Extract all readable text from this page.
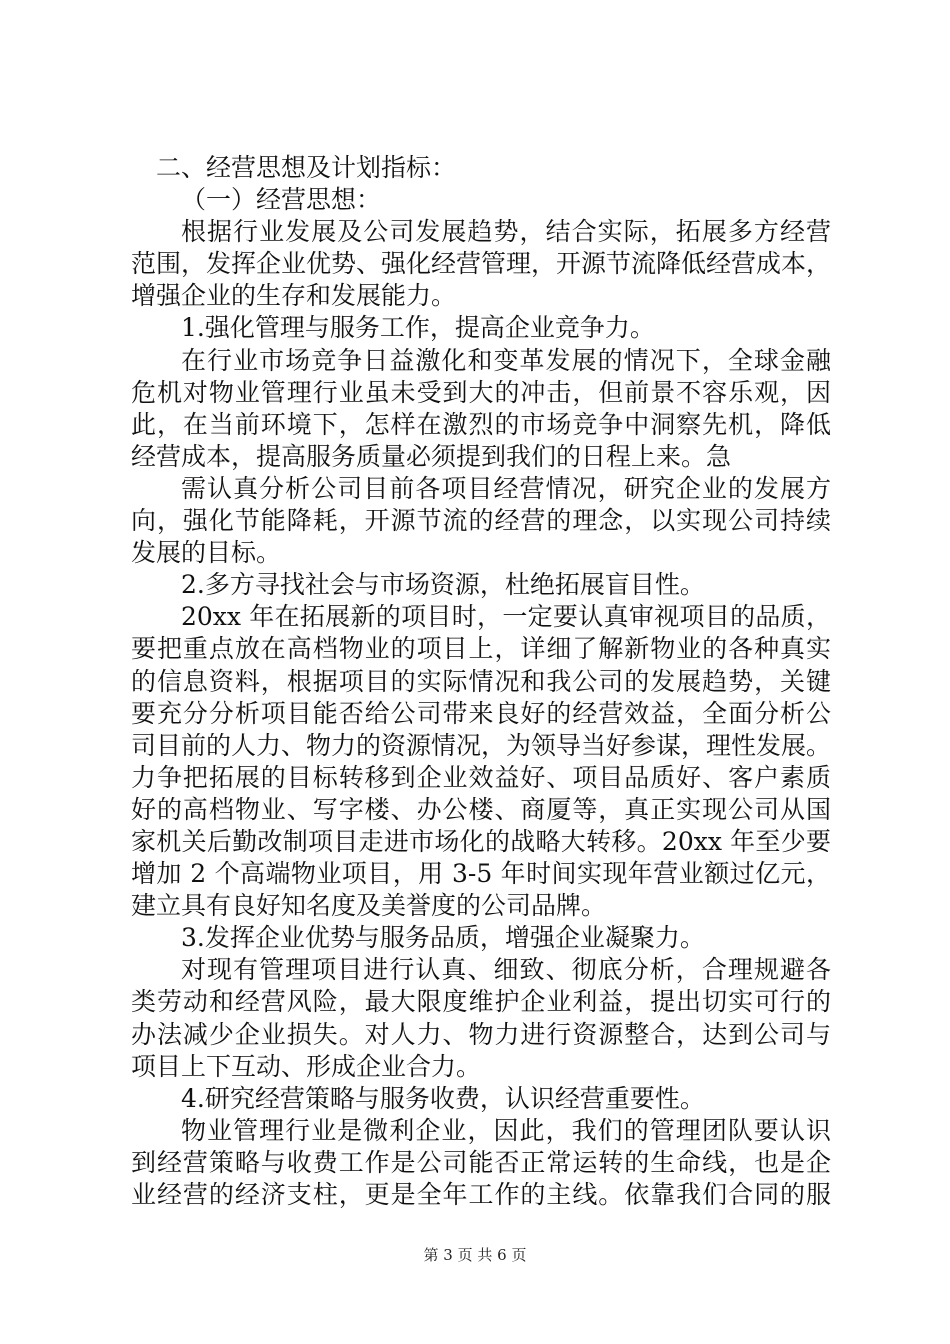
二、经营思想及计划指标：
（一）经营思想：
根据行业发展及公司发展趋势，结合实际，拓展多方经营
范围，发挥企业优势、强化经营管理，开源节流降低经营成本，
增强企业的生存和发展能力。
1.强化管理与服务工作，提高企业竞争力。
在行业市场竞争日益激化和变革发展的情况下，全球金融
危机对物业管理行业虽未受到大的冲击，但前景不容乐观，因
此，在当前环境下，怎样在激烈的市场竞争中洞察先机，降低
经营成本，提高服务质量必须提到我们的日程上来。急
需认真分析公司目前各项目经营情况，研究企业的发展方
向，强化节能降耗，开源节流的经营的理念，以实现公司持续
发展的目标。
2.多方寻找社会与市场资源，杜绝拓展盲目性。
20xx 年在拓展新的项目时，一定要认真审视项目的品质，
要把重点放在高档物业的项目上，详细了解新物业的各种真实
的信息资料，根据项目的实际情况和我公司的发展趋势，关键
要充分分析项目能否给公司带来良好的经营效益，全面分析公
司目前的人力、物力的资源情况，为领导当好参谋，理性发展。
力争把拓展的目标转移到企业效益好、项目品质好、客户素质
好的高档物业、写字楼、办公楼、商厦等，真正实现公司从国
家机关后勤改制项目走进市场化的战略大转移。20xx 年至少要
增加 2 个高端物业项目，用 3-5 年时间实现年营业额过亿元，
建立具有良好知名度及美誉度的公司品牌。
3.发挥企业优势与服务品质，增强企业凝聚力。
对现有管理项目进行认真、细致、彻底分析，合理规避各
类劳动和经营风险，最大限度维护企业利益，提出切实可行的
办法减少企业损失。对人力、物力进行资源整合，达到公司与
项目上下互动、形成企业合力。
4.研究经营策略与服务收费，认识经营重要性。
物业管理行业是微利企业，因此，我们的管理团队要认识
到经营策略与收费工作是公司能否正常运转的生命线，也是企
业经营的经济支柱，更是全年工作的主线。依靠我们合同的服
第 3 页 共 6 页
